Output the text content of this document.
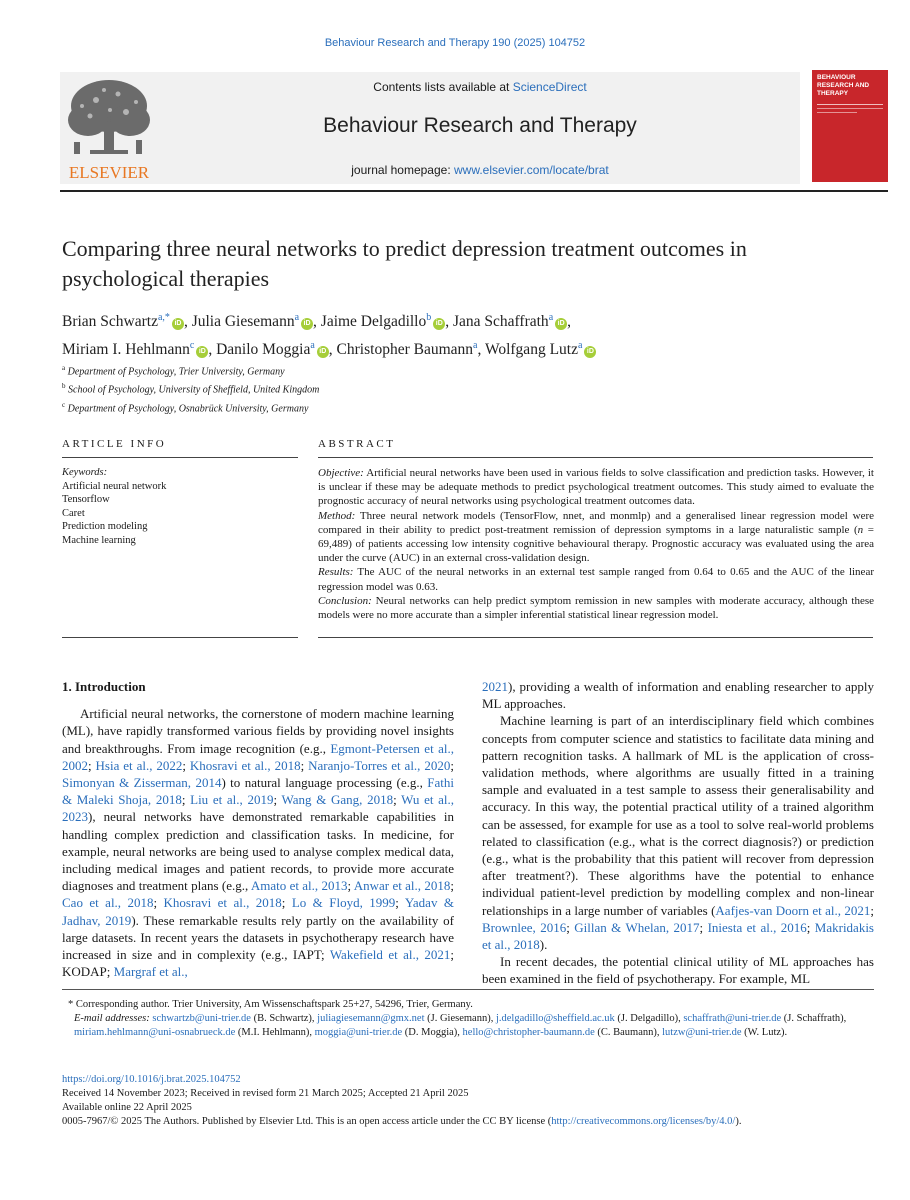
Behaviour Research and Therapy 190 (2025) 104752
ELSEVIER
Contents lists available at ScienceDirect
Behaviour Research and Therapy
journal homepage: www.elsevier.com/locate/brat
BEHAVIOUR RESEARCH AND THERAPY
Comparing three neural networks to predict depression treatment outcomes in psychological therapies
Brian Schwartz$^{a,*}$iD , Julia Giesemann$^a$iD , Jaime Delgadillo$^b$iD , Jana Schaffrath$^a$iD ,
Miriam I. Hehlmann$^c$iD , Danilo Moggia$^a$iD , Christopher Baumann$^a$, Wolfgang Lutz$^a$iD
$^a$ Department of Psychology, Trier University, Germany
$^b$ School of Psychology, University of Sheffield, United Kingdom
$^c$ Department of Psychology, Osnabrück University, Germany
ARTICLE INFO	ABSTRACT
Keywords:
Artificial neural network
Tensorflow
Caret
Prediction modeling
Machine learning
Objective: Artificial neural networks have been used in various fields to solve classification and prediction tasks. However, it is unclear if these may be adequate methods to predict psychological treatment outcomes. This study aimed to evaluate the prognostic accuracy of neural networks using psychological treatment outcomes data.
Method: Three neural network models (TensorFlow, nnet, and monmlp) and a generalised linear regression model were compared in their ability to predict post-treatment remission of depression symptoms in a large naturalistic sample (n = 69,489) of patients accessing low intensity cognitive behavioural therapy. Prognostic accuracy was evaluated using the area under the curve (AUC) in an external cross-validation design.
Results: The AUC of the neural networks in an external test sample ranged from 0.64 to 0.65 and the AUC of the linear regression model was 0.63.
Conclusion: Neural networks can help predict symptom remission in new samples with moderate accuracy, although these models were no more accurate than a simpler inferential statistical linear regression model.
1. Introduction

Artificial neural networks, the cornerstone of modern machine learning (ML), have rapidly transformed various fields by providing novel insights and breakthroughs. From image recognition (e.g., Egmont-Petersen et al., 2002; Hsia et al., 2022; Khosravi et al., 2018; Naranjo-Torres et al., 2020; Simonyan & Zisserman, 2014) to natural language processing (e.g., Fathi & Maleki Shoja, 2018; Liu et al., 2019; Wang & Gang, 2018; Wu et al., 2023), neural networks have demonstrated remarkable capabilities in handling complex prediction and classification tasks. In medicine, for example, neural networks are being used to analyse complex medical data, including medical images and patient records, to provide more accurate diagnoses and treatment plans (e.g., Amato et al., 2013; Anwar et al., 2018; Cao et al., 2018; Khosravi et al., 2018; Lo & Floyd, 1999; Yadav & Jadhav, 2019). These remarkable results rely partly on the availability of large datasets. In recent years the datasets in psychotherapy research have increased in size and in complexity (e.g., IAPT; Wakefield et al., 2021; KODAP; Margraf et al.,

2021), providing a wealth of information and enabling researcher to apply ML approaches.

Machine learning is part of an interdisciplinary field which combines concepts from computer science and statistics to facilitate data mining and pattern recognition tasks. A hallmark of ML is the application of cross-validation methods, where algorithms are usually fitted in a training sample and evaluated in a test sample to assess their generalisability and accuracy. In this way, the potential practical utility of a trained algorithm can be assessed, for example for use as a tool to solve real-world problems related to classification (e.g., what is the correct diagnosis?) or prediction (e.g., what is the probability that this patient will recover from depression after treatment?). These algorithms have the potential to enhance individual patient-level prediction by modelling complex and non-linear relationships in a large number of variables (Aafjes-van Doorn et al., 2021; Brownlee, 2016; Gillan & Whelan, 2017; Iniesta et al., 2016; Makridakis et al., 2018).

In recent decades, the potential clinical utility of ML approaches has been examined in the field of psychotherapy. For example, ML

* Corresponding author. Trier University, Am Wissenschaftspark 25+27, 54296, Trier, Germany.
E-mail addresses: schwartzb@uni-trier.de (B. Schwartz), juliagiesemann@gmx.net (J. Giesemann), j.delgadillo@sheffield.ac.uk (J. Delgadillo), schaffrath@uni-trier.de (J. Schaffrath), miriam.hehlmann@uni-osnabrueck.de (M.I. Hehlmann), moggia@uni-trier.de (D. Moggia), hello@christopher-baumann.de (C. Baumann), lutzw@uni-trier.de (W. Lutz).
https://doi.org/10.1016/j.brat.2025.104752
Received 14 November 2023; Received in revised form 21 March 2025; Accepted 21 April 2025
Available online 22 April 2025
0005-7967/© 2025 The Authors. Published by Elsevier Ltd. This is an open access article under the CC BY license (http://creativecommons.org/licenses/by/4.0/).
